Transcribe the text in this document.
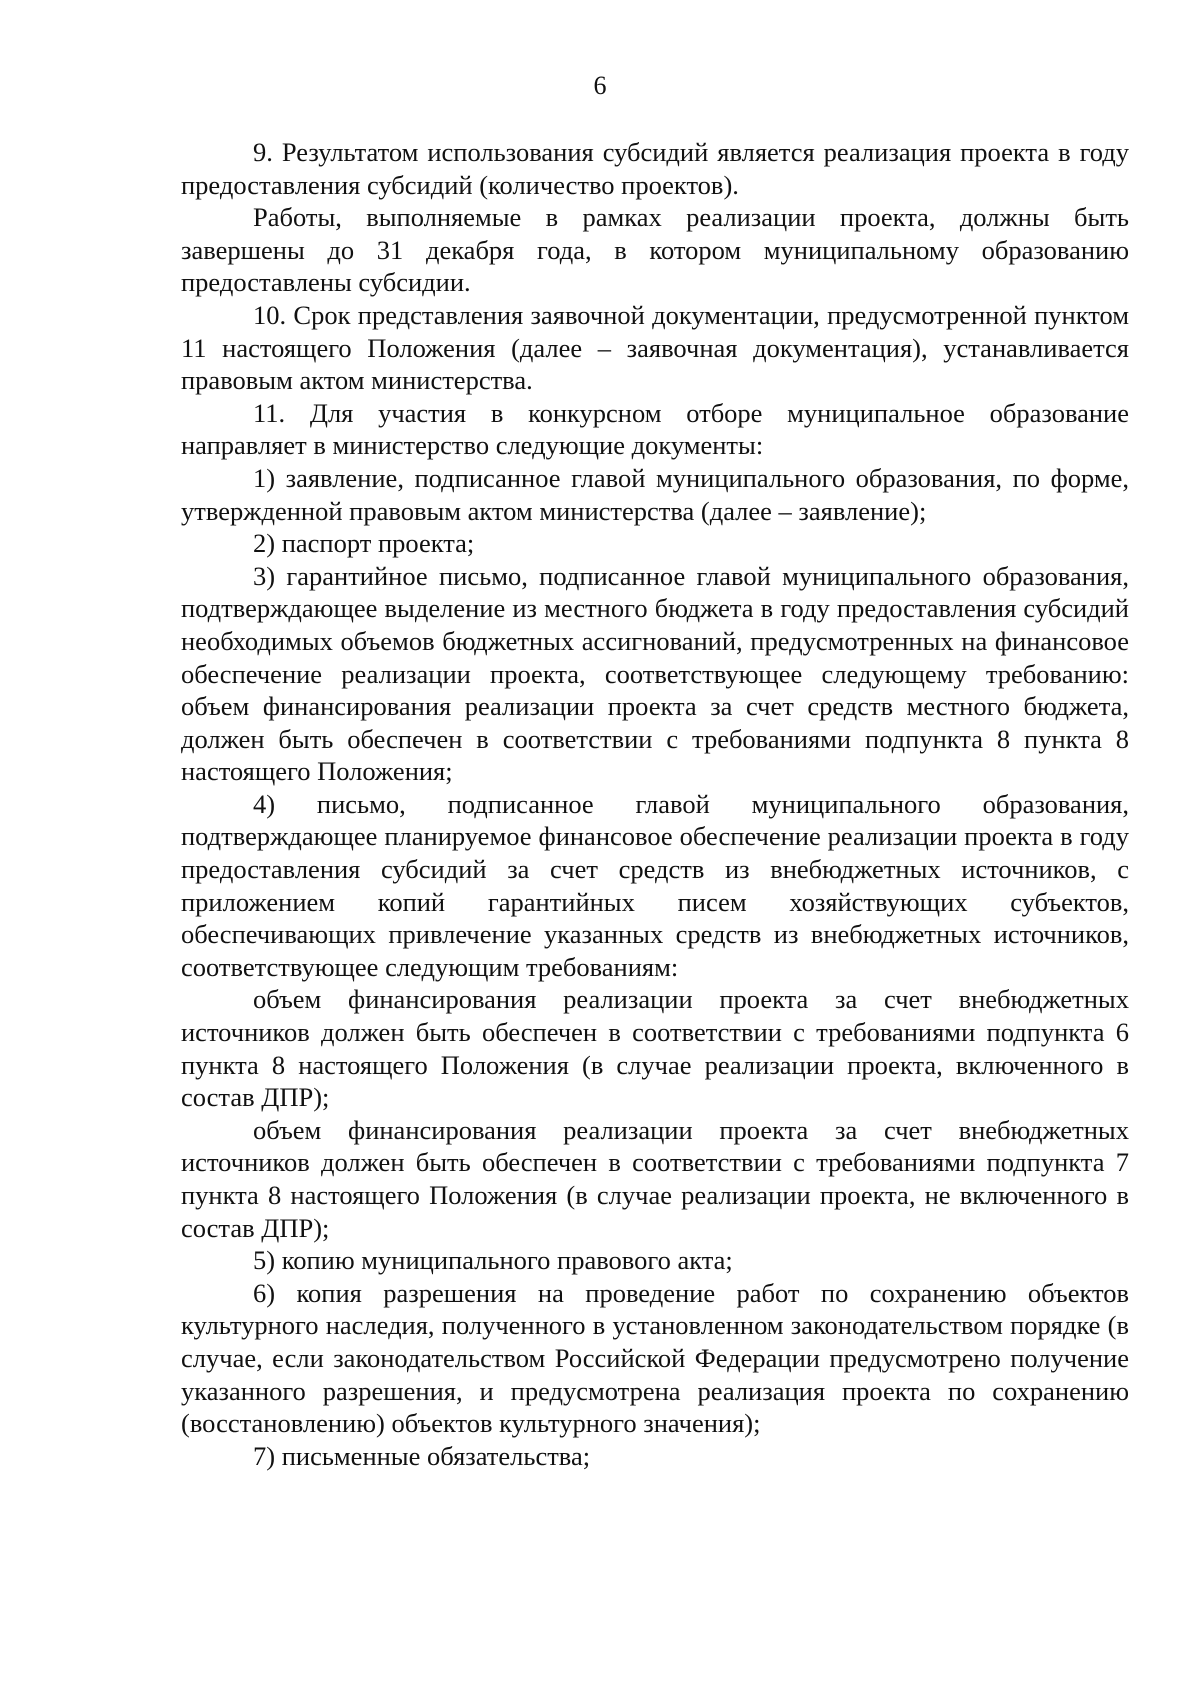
6

9. Результатом использования субсидий является реализация проекта в году предоставления субсидий (количество проектов).

Работы, выполняемые в рамках реализации проекта, должны быть завершены до 31 декабря года, в котором муниципальному образованию предоставлены субсидии.

10. Срок представления заявочной документации, предусмотренной пунктом 11 настоящего Положения (далее – заявочная документация), устанавливается правовым актом министерства.

11. Для участия в конкурсном отборе муниципальное образование направляет в министерство следующие документы:

1) заявление, подписанное главой муниципального образования, по форме, утвержденной правовым актом министерства (далее – заявление);

2) паспорт проекта;

3) гарантийное письмо, подписанное главой муниципального образования, подтверждающее выделение из местного бюджета в году предоставления субсидий необходимых объемов бюджетных ассигнований, предусмотренных на финансовое обеспечение реализации проекта, соответствующее следующему требованию: объем финансирования реализации проекта за счет средств местного бюджета, должен быть обеспечен в соответствии с требованиями подпункта 8 пункта 8 настоящего Положения;

4) письмо, подписанное главой муниципального образования, подтверждающее планируемое финансовое обеспечение реализации проекта в году предоставления субсидий за счет средств из внебюджетных источников, с приложением копий гарантийных писем хозяйствующих субъектов, обеспечивающих привлечение указанных средств из внебюджетных источников, соответствующее следующим требованиям:

объем финансирования реализации проекта за счет внебюджетных источников должен быть обеспечен в соответствии с требованиями подпункта 6 пункта 8 настоящего Положения (в случае реализации проекта, включенного в состав ДПР);

объем финансирования реализации проекта за счет внебюджетных источников должен быть обеспечен в соответствии с требованиями подпункта 7 пункта 8 настоящего Положения (в случае реализации проекта, не включенного в состав ДПР);

5) копию муниципального правового акта;

6) копия разрешения на проведение работ по сохранению объектов культурного наследия, полученного в установленном законодательством порядке (в случае, если законодательством Российской Федерации предусмотрено получение указанного разрешения, и предусмотрена реализация проекта по сохранению (восстановлению) объектов культурного значения);

7) письменные обязательства;
